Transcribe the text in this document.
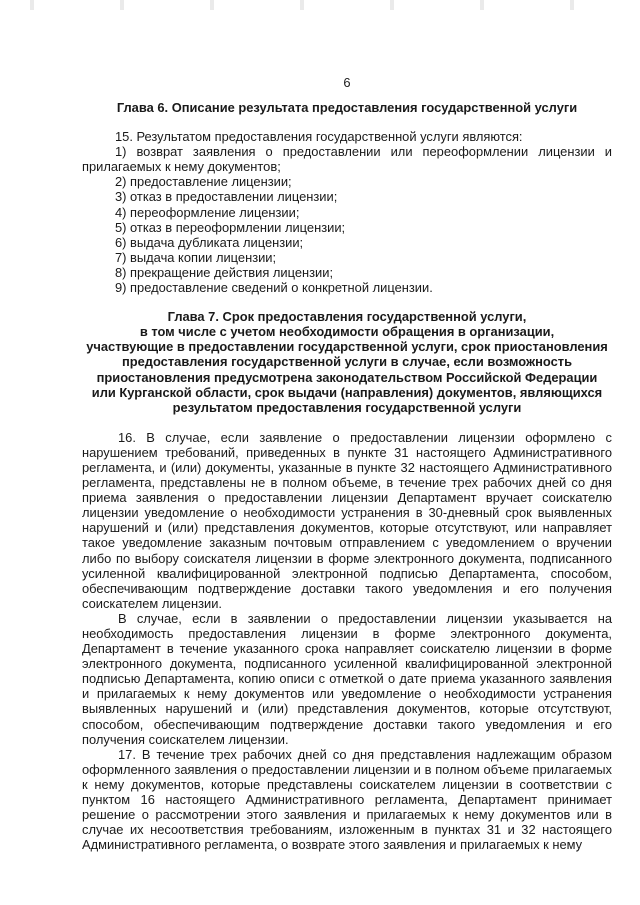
6
Глава 6. Описание результата предоставления государственной услуги
15. Результатом предоставления государственной услуги являются:
1) возврат заявления о предоставлении или переоформлении лицензии и прилагаемых к нему документов;
2) предоставление лицензии;
3) отказ в предоставлении лицензии;
4) переоформление лицензии;
5) отказ в переоформлении лицензии;
6) выдача дубликата лицензии;
7) выдача копии лицензии;
8) прекращение действия лицензии;
9) предоставление сведений о конкретной лицензии.
Глава 7. Срок предоставления государственной услуги,
в том числе с учетом необходимости обращения в организации,
участвующие в предоставлении государственной услуги, срок приостановления
предоставления государственной услуги в случае, если возможность
приостановления предусмотрена законодательством Российской Федерации
или Курганской области, срок выдачи (направления) документов, являющихся
результатом предоставления государственной услуги
16. В случае, если заявление о предоставлении лицензии оформлено с нарушением требований, приведенных в пункте 31 настоящего Административного регламента, и (или) документы, указанные в пункте 32 настоящего Административного регламента, представлены не в полном объеме, в течение трех рабочих дней со дня приема заявления о предоставлении лицензии Департамент вручает соискателю лицензии уведомление о необходимости устранения в 30-дневный срок выявленных нарушений и (или) представления документов, которые отсутствуют, или направляет такое уведомление заказным почтовым отправлением с уведомлением о вручении либо по выбору соискателя лицензии в форме электронного документа, подписанного усиленной квалифицированной электронной подписью Департамента, способом, обеспечивающим подтверждение доставки такого уведомления и его получения соискателем лицензии.
В случае, если в заявлении о предоставлении лицензии указывается на необходимость предоставления лицензии в форме электронного документа, Департамент в течение указанного срока направляет соискателю лицензии в форме электронного документа, подписанного усиленной квалифицированной электронной подписью Департамента, копию описи с отметкой о дате приема указанного заявления и прилагаемых к нему документов или уведомление о необходимости устранения выявленных нарушений и (или) представления документов, которые отсутствуют, способом, обеспечивающим подтверждение доставки такого уведомления и его получения соискателем лицензии.
17. В течение трех рабочих дней со дня представления надлежащим образом оформленного заявления о предоставлении лицензии и в полном объеме прилагаемых к нему документов, которые представлены соискателем лицензии в соответствии с пунктом 16 настоящего Административного регламента, Департамент принимает решение о рассмотрении этого заявления и прилагаемых к нему документов или в случае их несоответствия требованиям, изложенным в пунктах 31 и 32 настоящего Административного регламента, о возврате этого заявления и прилагаемых к нему
